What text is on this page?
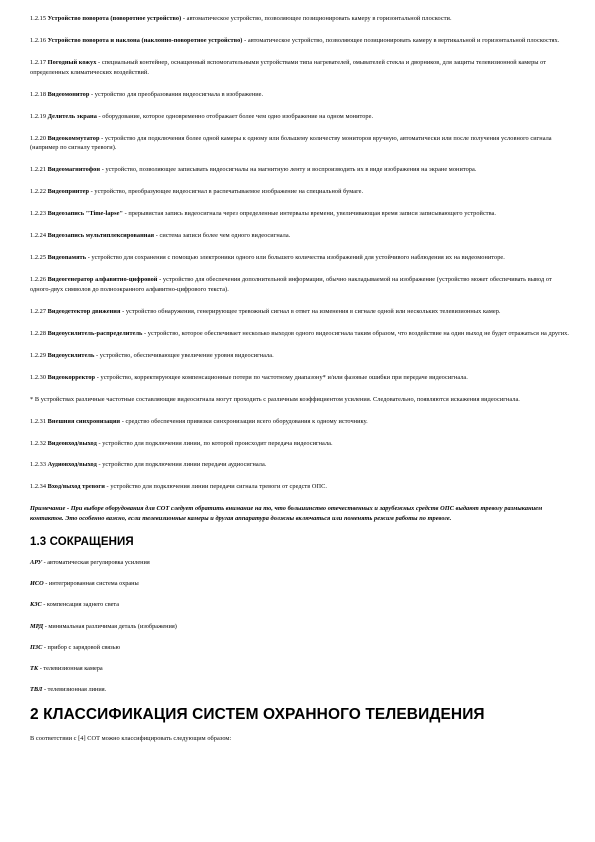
1.2.15 Устройство поворота (поворотное устройство) - автоматическое устройство, позволяющее позиционировать камеру в горизонтальной плоскости.

1.2.16 Устройство поворота и наклона (наклонно-поворотное устройство) - автоматическое устройство, позволяющее позиционировать камеру в вертикальной и горизонтальной плоскостях.

1.2.17 Погодный кожух - специальный контейнер, оснащенный вспомогательными устройствами типа нагревателей, омывателей стекла и дворников, для защиты телевизионной камеры от определенных климатических воздействий.

1.2.18 Видеомонитор - устройство для преобразования видеосигнала в изображение.

1.2.19 Делитель экрана - оборудование, которое одновременно отображает более чем одно изображение на одном мониторе.

1.2.20 Видеокоммутатор - устройство для подключения более одной камеры к одному или большему количеству мониторов вручную, автоматически или после получения условного сигнала (например по сигналу тревоги).

1.2.21 Видеомагнитофон - устройство, позволяющее записывать видеосигналы на магнитную ленту и воспроизводить их в виде изображения на экране монитора.

1.2.22 Видеопринтер - устройство, преобразующее видеосигнал в распечатываемое изображение на специальной бумаге.

1.2.23 Видеозапись "Time-lapse" - прерывистая запись видеосигнала через определенные интервалы времени, увеличивающая время записи записывающего устройства.

1.2.24 Видеозапись мультиплексированная - система записи более чем одного видеосигнала.

1.2.25 Видеопамять - устройство для сохранения с помощью электроники одного или большего количества изображений для устойчивого наблюдения их на видеомониторе.

1.2.26 Видеогенератор алфавитно-цифровой - устройство для обеспечения дополнительной информации, обычно накладываемой на изображение (устройство может обеспечивать вывод от одного-двух символов до полноэкранного алфавитно-цифрового текста).

1.2.27 Видеодетектор движения - устройство обнаружения, генерирующее тревожный сигнал в ответ на изменения в сигнале одной или нескольких телевизионных камер.

1.2.28 Видеоусилитель-распределитель - устройство, которое обеспечивает несколько выходов одного видеосигнала таким образом, что воздействие на один выход не будет отражаться на других.

1.2.29 Видеоусилитель - устройство, обеспечивающее увеличение уровня видеосигнала.

1.2.30 Видеокорректор - устройство, корректирующее компенсационные потери по частотному диапазону* и/или фазовые ошибки при передаче видеосигнала.

* В устройствах различные частотные составляющие видеосигнала могут проходить с различным коэффициентом усиления. Следовательно, появляются искажения видеосигнала.

1.2.31 Внешняя синхронизация - средство обеспечения привязки синхронизации всего оборудования к одному источнику.

1.2.32 Видеовход/выход - устройство для подключения линии, по которой происходит передача видеосигнала.

1.2.33 Аудиовход/выход - устройство для подключения линии передачи аудиосигнала.

1.2.34 Вход/выход тревоги - устройство для подключения линии передачи сигнала тревоги от средств ОПС.

Примечание - При выборе оборудования для СОТ следует обратить внимание на то, что большинство отечественных и зарубежных средств ОПС выдают тревогу размыканием контактов. Это особенно важно, если телевизионные камеры и другая аппаратура должны включаться или поменять режим работы по тревоге.

1.3 СОКРАЩЕНИЯ

АРУ - автоматическая регулировка усиления

ИСО - интегрированная система охраны

КЗС - компенсация заднего света

МРД - минимальная различимая деталь (изображения)

ПЗС - прибор с зарядовой связью

ТК - телевизионная камера

ТВЛ - телевизионная линия.

2 КЛАССИФИКАЦИЯ СИСТЕМ ОХРАННОГО ТЕЛЕВИДЕНИЯ

В соответствии с [4] СОТ можно классифицировать следующим образом:
